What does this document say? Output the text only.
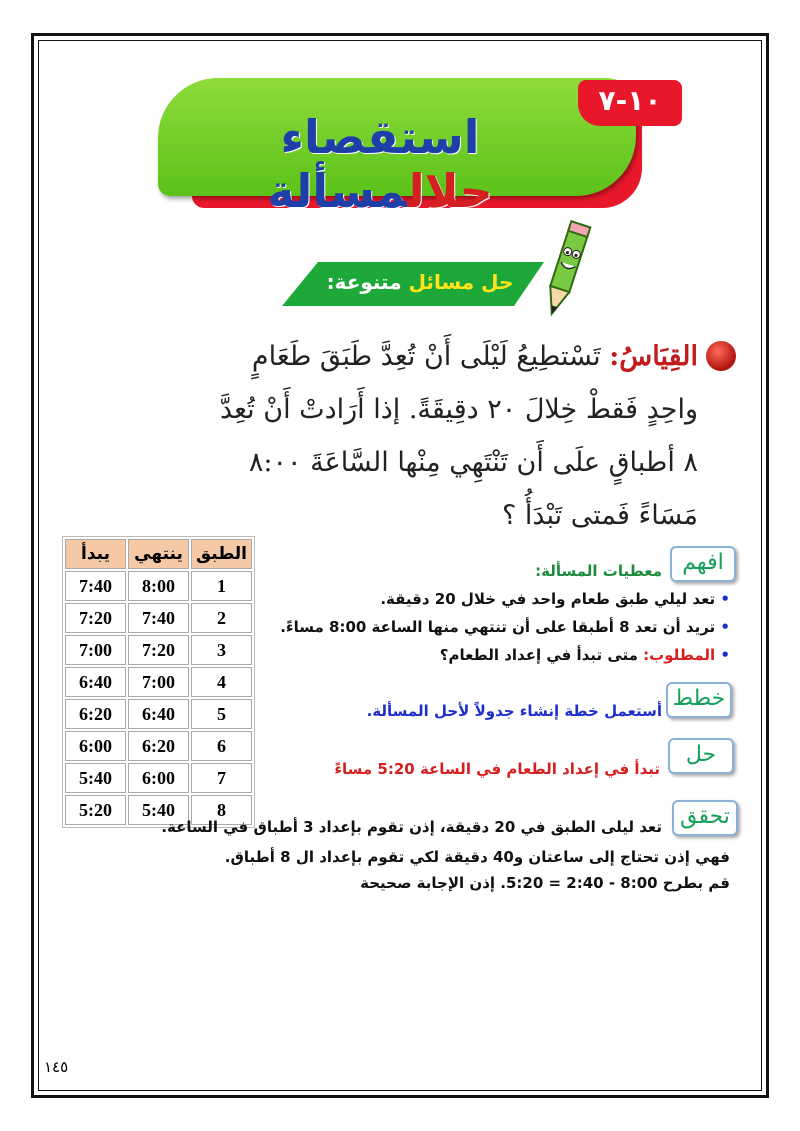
استقصاء حلالمسألة
١٠-٧
حل مسائل متنوعة:
القِيَاسُ: تَسْتطِيعُ لَيْلَى أَنْ تُعِدَّ طَبَقَ طَعَامٍ
واحِدٍ فَقطْ خِلالَ ٢٠ دقِيقَةً. إذا أَرَادتْ أَنْ تُعِدَّ
٨ أطباقٍ علَى أَن تَنْتَهِي مِنْها السَّاعَةَ ٨:٠٠
مَسَاءً فَمتى تَبْدَأُ ؟
الطبق	ينتهي	يبدأ
1	8:00	7:40
2	7:40	7:20
3	7:20	7:00
4	7:00	6:40
5	6:40	6:20
6	6:20	6:00
7	6:00	5:40
8	5:40	5:20
افهم
معطيات المسألة:
• تعد ليلي طبق طعام واحد في خلال 20 دقيقة.
• تريد أن تعد 8 أطبقا على أن تنتهي منها الساعة 8:00 مساءً.
• المطلوب: متى تبدأ في إعداد الطعام؟
خطط
أستعمل خطة إنشاء جدولاً لأحل المسألة.
حل
تبدأ في إعداد الطعام في الساعة 5:20 مساءً
تحقق
تعد ليلى الطبق في 20 دقيقة، إذن تقوم بإعداد 3 أطباق في الساعة.
فهي إذن تحتاج إلى ساعتان و40 دقيقة لكي تقوم بإعداد ال 8 أطباق.
قم بطرح 8:00 - 2:40 = 5:20. إذن الإجابة صحيحة
١٤٥
